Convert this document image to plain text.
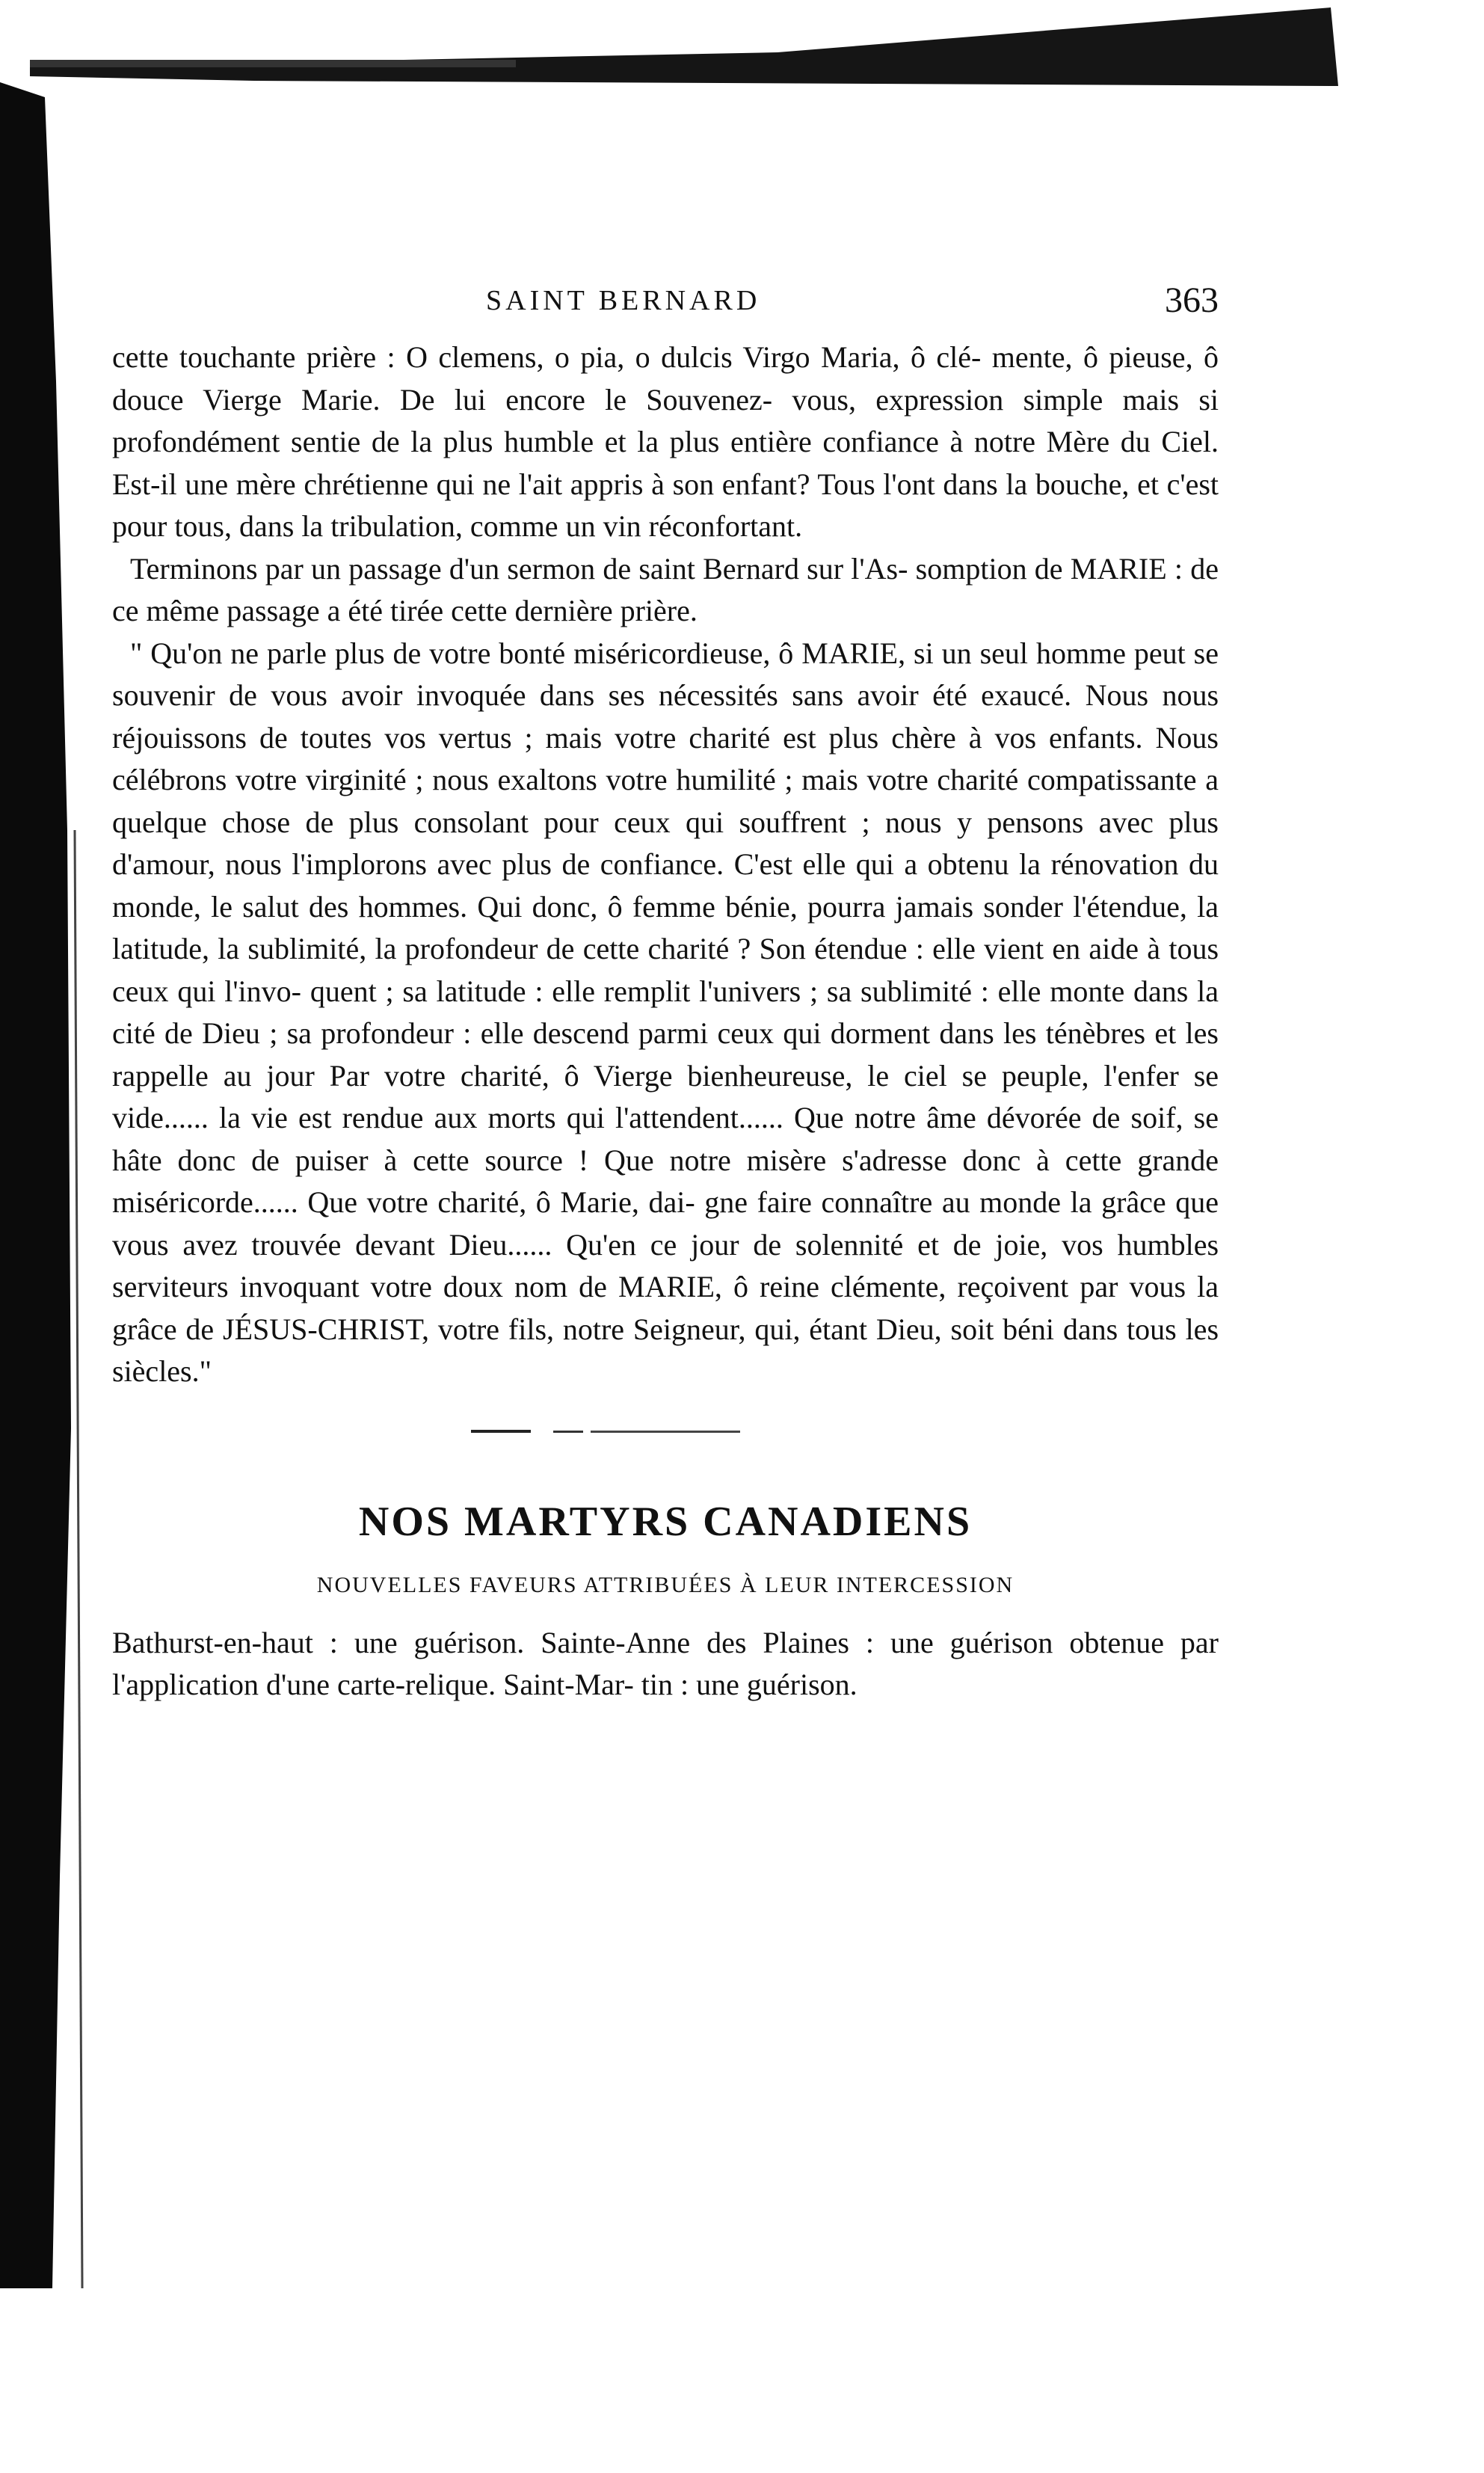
SAINT BERNARD	363

cette touchante prière : O clemens, o pia, o dulcis Virgo Maria, ô clé- mente, ô pieuse, ô douce Vierge Marie. De lui encore le Souvenez- vous, expression simple mais si profondément sentie de la plus humble et la plus entière confiance à notre Mère du Ciel. Est-il une mère chrétienne qui ne l'ait appris à son enfant? Tous l'ont dans la bouche, et c'est pour tous, dans la tribulation, comme un vin réconfortant.

Terminons par un passage d'un sermon de saint Bernard sur l'As- somption de MARIE : de ce même passage a été tirée cette dernière prière.

" Qu'on ne parle plus de votre bonté miséricordieuse, ô MARIE, si un seul homme peut se souvenir de vous avoir invoquée dans ses nécessités sans avoir été exaucé. Nous nous réjouissons de toutes vos vertus ; mais votre charité est plus chère à vos enfants. Nous célébrons votre virginité ; nous exaltons votre humilité ; mais votre charité compatissante a quelque chose de plus consolant pour ceux qui souffrent ; nous y pensons avec plus d'amour, nous l'implorons avec plus de confiance. C'est elle qui a obtenu la rénovation du monde, le salut des hommes. Qui donc, ô femme bénie, pourra jamais sonder l'étendue, la latitude, la sublimité, la profondeur de cette charité ? Son étendue : elle vient en aide à tous ceux qui l'invo- quent ; sa latitude : elle remplit l'univers ; sa sublimité : elle monte dans la cité de Dieu ; sa profondeur : elle descend parmi ceux qui dorment dans les ténèbres et les rappelle au jour Par votre charité, ô Vierge bienheureuse, le ciel se peuple, l'enfer se vide...... la vie est rendue aux morts qui l'attendent...... Que notre âme dévorée de soif, se hâte donc de puiser à cette source ! Que notre misère s'adresse donc à cette grande miséricorde...... Que votre charité, ô Marie, dai- gne faire connaître au monde la grâce que vous avez trouvée devant Dieu...... Qu'en ce jour de solennité et de joie, vos humbles serviteurs invoquant votre doux nom de MARIE, ô reine clémente, reçoivent par vous la grâce de JÉSUS-CHRIST, votre fils, notre Seigneur, qui, étant Dieu, soit béni dans tous les siècles."

NOS MARTYRS CANADIENS
NOUVELLES FAVEURS ATTRIBUÉES À LEUR INTERCESSION

Bathurst-en-haut : une guérison. Sainte-Anne des Plaines : une guérison obtenue par l'application d'une carte-relique. Saint-Mar- tin : une guérison.
